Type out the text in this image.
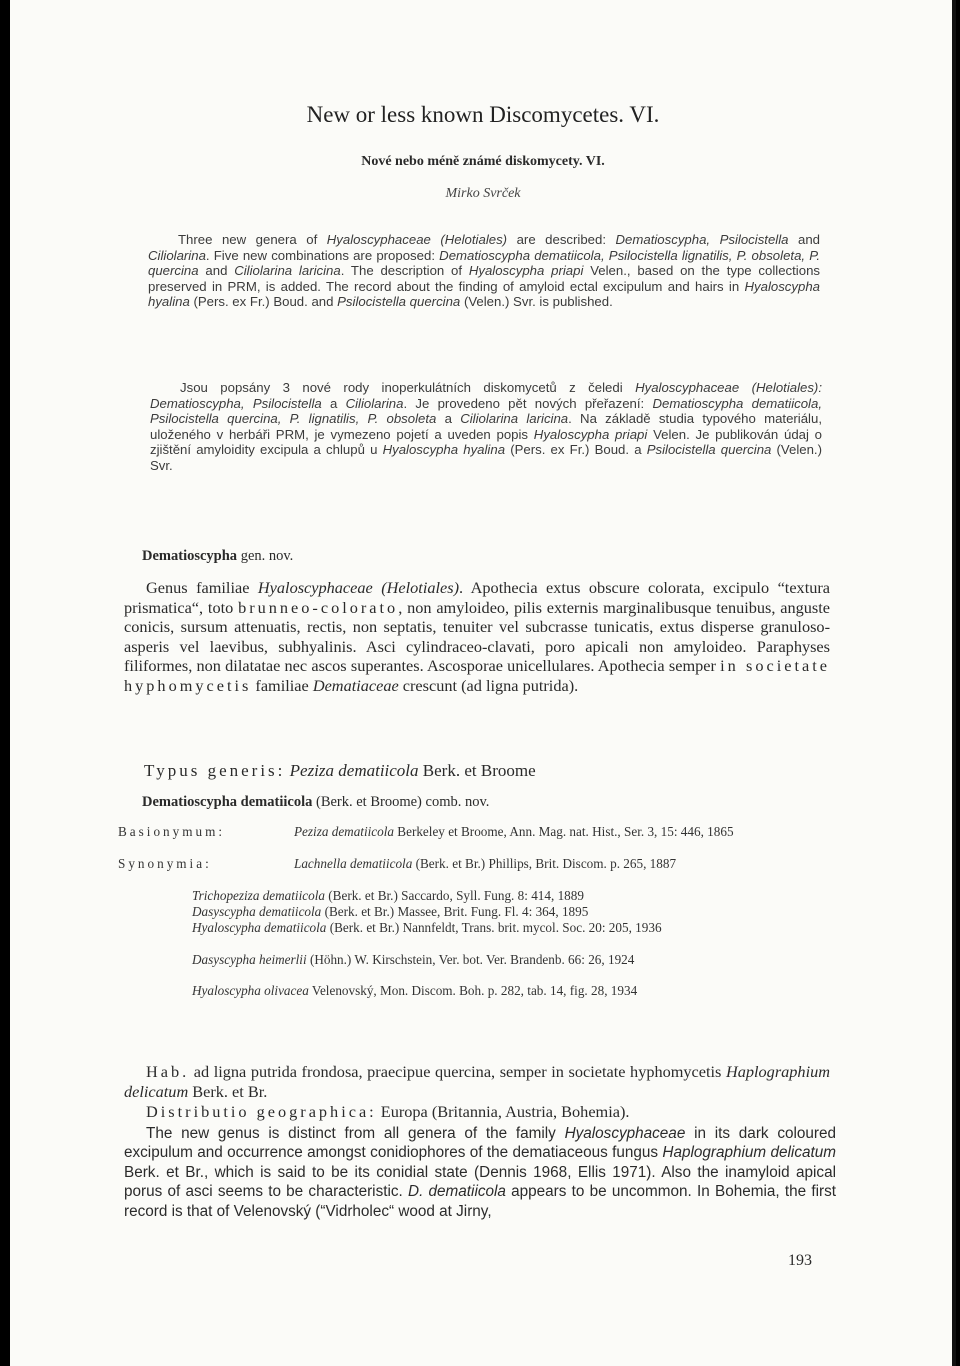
New or less known Discomycetes. VI.
Nové nebo méně známé diskomycety. VI.
Mirko Svrček
Three new genera of Hyaloscyphaceae (Helotiales) are described: Dematioscypha, Psilocistella and Ciliolarina. Five new combinations are proposed: Dematioscypha dematiicola, Psilocistella lignatilis, P. obsoleta, P. quercina and Ciliolarina laricina. The description of Hyaloscypha priapi Velen., based on the type collections preserved in PRM, is added. The record about the finding of amyloid ectal excipulum and hairs in Hyaloscypha hyalina (Pers. ex Fr.) Boud. and Psilocistella quercina (Velen.) Svr. is published.
Jsou popsány 3 nové rody inoperkulátních diskomycetů z čeledi Hyaloscyphaceae (Helotiales): Dematioscypha, Psilocistella a Ciliolarina. Je provedeno pět nových přeřazení: Dematioscypha dematiicola, Psilocistella quercina, P. lignatilis, P. obsoleta a Ciliolarina laricina. Na základě studia typového materiálu, uloženého v herbáři PRM, je vymezeno pojetí a uveden popis Hyaloscypha priapi Velen. Je publikován údaj o zjištění amyloidity excipula a chlupů u Hyaloscypha hyalina (Pers. ex Fr.) Boud. a Psilocistella quercina (Velen.) Svr.
Dematioscypha gen. nov.
Genus familiae Hyaloscyphaceae (Helotiales). Apothecia extus obscure colorata, excipulo “textura prismatica“, toto brunneo-colorato, non amyloideo, pilis externis marginalibusque tenuibus, anguste conicis, sursum attenuatis, rectis, non septatis, tenuiter vel subcrasse tunicatis, extus disperse granuloso-asperis vel laevibus, subhyalinis. Asci cylindraceo-clavati, poro apicali non amyloideo. Paraphyses filiformes, non dilatatae nec ascos superantes. Ascosporae unicellulares. Apothecia semper in societate hyphomycetis familiae Dematiaceae crescunt (ad ligna putrida).
Typus generis: Peziza dematiicola Berk. et Broome
Dematioscypha dematiicola (Berk. et Broome) comb. nov.
Basionymum:	Peziza dematiicola Berkeley et Broome, Ann. Mag. nat. Hist., Ser. 3, 15: 446, 1865
Synonymia:	Lachnella dematiicola (Berk. et Br.) Phillips, Brit. Discom. p. 265, 1887
Trichopeziza dematiicola (Berk. et Br.) Saccardo, Syll. Fung. 8: 414, 1889
Dasyscypha dematiicola (Berk. et Br.) Massee, Brit. Fung. Fl. 4: 364, 1895
Hyaloscypha dematiicola (Berk. et Br.) Nannfeldt, Trans. brit. mycol. Soc. 20: 205, 1936
Dasyscypha heimerlii (Höhn.) W. Kirschstein, Ver. bot. Ver. Brandenb. 66: 26, 1924
Hyaloscypha olivacea Velenovský, Mon. Discom. Boh. p. 282, tab. 14, fig. 28, 1934
Hab. ad ligna putrida frondosa, praecipue quercina, semper in societate hyphomycetis Haplographium delicatum Berk. et Br.
Distributio geographica: Europa (Britannia, Austria, Bohemia).
The new genus is distinct from all genera of the family Hyaloscyphaceae in its dark coloured excipulum and occurrence amongst conidiophores of the dematiaceous fungus Haplographium delicatum Berk. et Br., which is said to be its conidial state (Dennis 1968, Ellis 1971). Also the inamyloid apical porus of asci seems to be characteristic. D. dematiicola appears to be uncommon. In Bohemia, the first record is that of Velenovský (“Vidrholec“ wood at Jirny,
193
